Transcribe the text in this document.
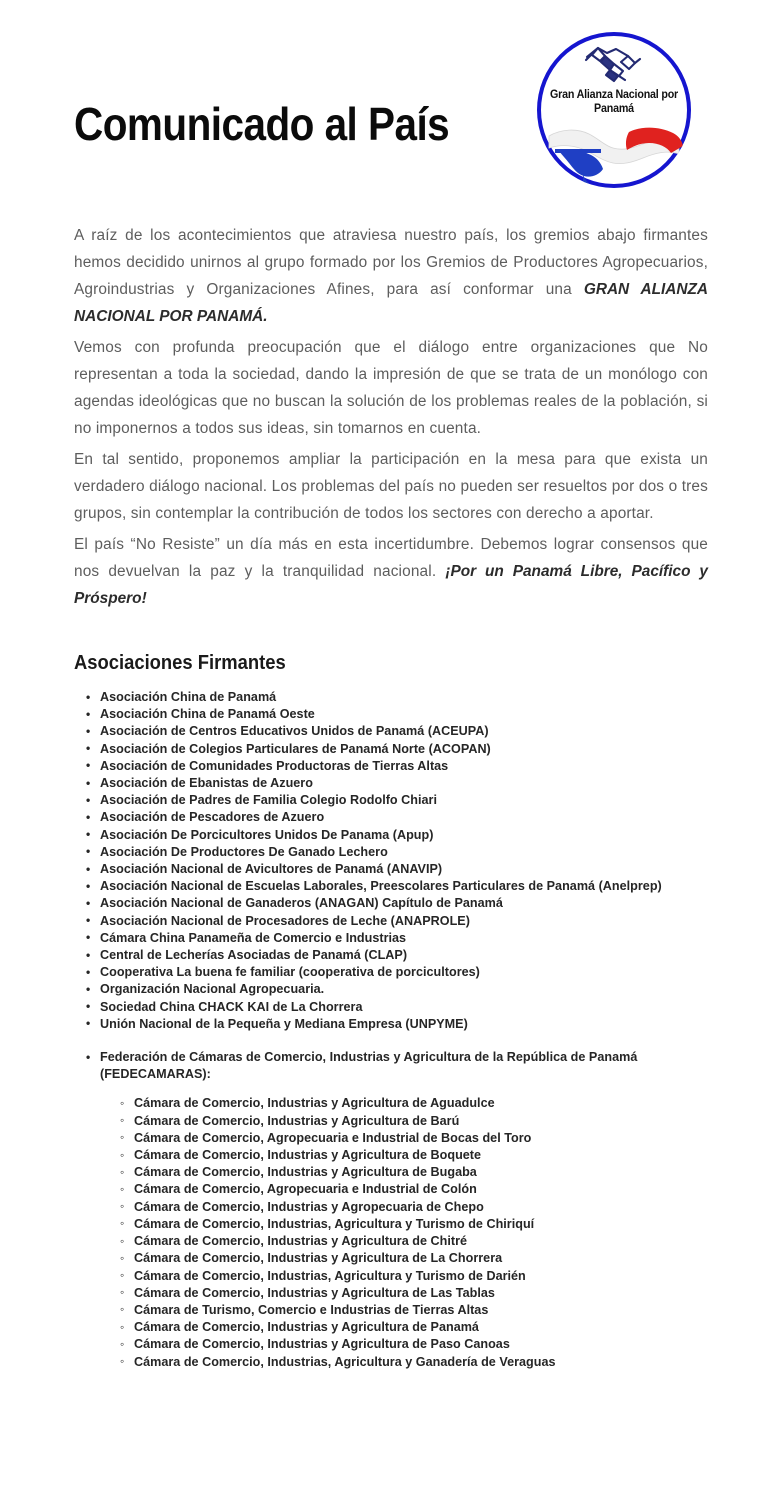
Comunicado al País
Gran Alianza Nacional por
Panamá

A raíz de los acontecimientos que atraviesa nuestro país, los gremios abajo firmantes hemos decidido unirnos al grupo formado por los Gremios de Productores Agropecuarios, Agroindustrias y Organizaciones Afines, para así conformar una GRAN ALIANZA NACIONAL POR PANAMÁ.

Vemos con profunda preocupación que el diálogo entre organizaciones que No representan a toda la sociedad, dando la impresión de que se trata de un monólogo con agendas ideológicas que no buscan la solución de los problemas reales de la población, si no imponernos a todos sus ideas, sin tomarnos en cuenta.

En tal sentido, proponemos ampliar la participación en la mesa para que exista un verdadero diálogo nacional. Los problemas del país no pueden ser resueltos por dos o tres grupos, sin contemplar la contribución de todos los sectores con derecho a aportar.

El país “No Resiste” un día más en esta incertidumbre. Debemos lograr consensos que nos devuelvan la paz y la tranquilidad nacional. ¡Por un Panamá Libre, Pacífico y Próspero!

Asociaciones Firmantes
• Asociación China de Panamá
• Asociación China de Panamá Oeste
• Asociación de Centros Educativos Unidos de Panamá (ACEUPA)
• Asociación de Colegios Particulares de Panamá Norte (ACOPAN)
• Asociación de Comunidades Productoras de Tierras Altas
• Asociación de Ebanistas de Azuero
• Asociación de Padres de Familia Colegio Rodolfo Chiari
• Asociación de Pescadores de Azuero
• Asociación De Porcicultores Unidos De Panama (Apup)
• Asociación De Productores De Ganado Lechero
• Asociación Nacional de Avicultores de Panamá (ANAVIP)
• Asociación Nacional de Escuelas Laborales, Preescolares Particulares de Panamá (Anelprep)
• Asociación Nacional de Ganaderos (ANAGAN) Capítulo de Panamá
• Asociación Nacional de Procesadores de Leche (ANAPROLE)
• Cámara China Panameña de Comercio e Industrias
• Central de Lecherías Asociadas de Panamá (CLAP)
• Cooperativa La buena fe familiar (cooperativa de porcicultores)
• Organización Nacional Agropecuaria.
• Sociedad China CHACK KAI de La Chorrera
• Unión Nacional de la Pequeña y Mediana Empresa (UNPYME)
• Federación de Cámaras de Comercio, Industrias y Agricultura de la República de Panamá (FEDECAMARAS):
◦ Cámara de Comercio, Industrias y Agricultura de Aguadulce
◦ Cámara de Comercio, Industrias y Agricultura de Barú
◦ Cámara de Comercio, Agropecuaria e Industrial de Bocas del Toro
◦ Cámara de Comercio, Industrias y Agricultura de Boquete
◦ Cámara de Comercio, Industrias y Agricultura de Bugaba
◦ Cámara de Comercio, Agropecuaria e Industrial de Colón
◦ Cámara de Comercio, Industrias y Agropecuaria de Chepo
◦ Cámara de Comercio, Industrias, Agricultura y Turismo de Chiriquí
◦ Cámara de Comercio, Industrias y Agricultura de Chitré
◦ Cámara de Comercio, Industrias y Agricultura de La Chorrera
◦ Cámara de Comercio, Industrias, Agricultura y Turismo de Darién
◦ Cámara de Comercio, Industrias y Agricultura de Las Tablas
◦ Cámara de Turismo, Comercio e Industrias de Tierras Altas
◦ Cámara de Comercio, Industrias y Agricultura de Panamá
◦ Cámara de Comercio, Industrias y Agricultura de Paso Canoas
◦ Cámara de Comercio, Industrias, Agricultura y Ganadería de Veraguas
